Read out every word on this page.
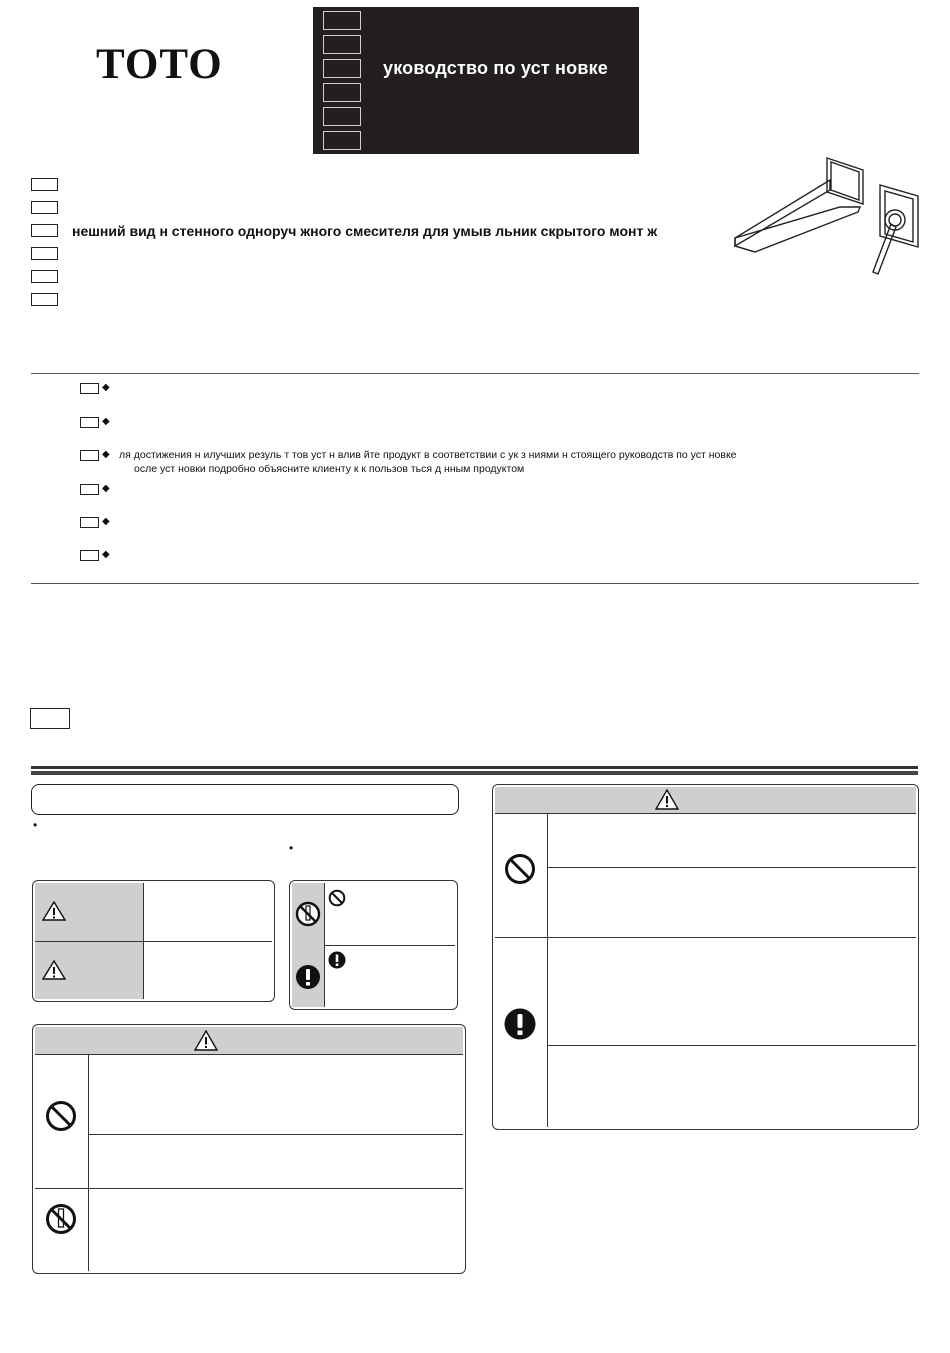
TOTO	уководство по уст новке
нешний вид н стенного одноруч жного смесителя для умыв льник скрытого монт ж
◆
◆
◆ ля достижения н илучших резуль т тов уст н влив йте продукт в соответствии с ук з ниями н стоящего руководств по уст новке
осле уст новки подробно объясните клиенту к к пользов ться д нным продуктом
◆
◆
◆
•
•
